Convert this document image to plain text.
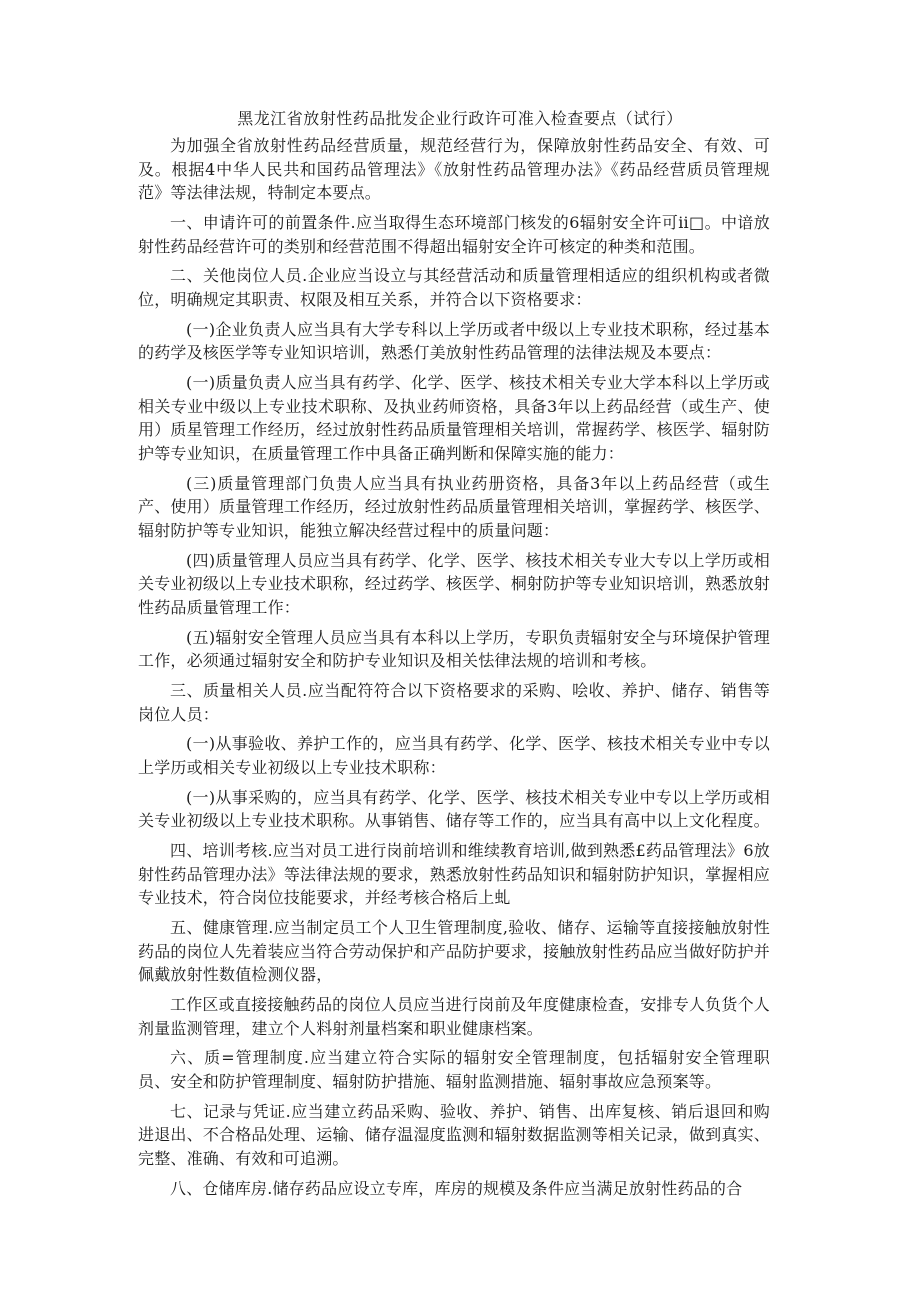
黑龙江省放射性药品批发企业行政许可准入检查要点（试行）

为加强全省放射性药品经营质量，规范经营行为，保障放射性药品安全、有效、可及。根据4中华人民共和国药品管理法》《放射性药品管理办法》《药品经营质员管理规范》等法律法规，特制定本要点。

一、申请许可的前置条件.应当取得生态环境部门核发的6辐射安全许可ii□。中谙放射性药品经营许可的类别和经营范围不得超出辐射安全许可核定的种类和范围。

二、关他岗位人员.企业应当设立与其经营活动和质量管理相适应的组织机构或者微位，明确规定其职责、权限及相互关系，并符合以下资格要求：

(一)企业负责人应当具有大学专科以上学历或者中级以上专业技术职称，经过基本的药学及核医学等专业知识培训，熟悉仃美放射性药品管理的法律法规及本要点：

(一)质量负责人应当具有药学、化学、医学、核技术相关专业大学本科以上学历或相关专业中级以上专业技术职称、及执业药师资格，具备3年以上药品经营（或生产、使用）质星管理工作经历，经过放射性药品质量管理相关培训，常握药学、核医学、辐射防护等专业知识，在质量管理工作中具备正确判断和保障实施的能力：

(三)质量管理部门负贵人应当具有执业药册资格，具备3年以上药品经营（或生产、使用）质量管理工作经历，经过放射性药品质量管理相关培训，掌握药学、核医学、辐射防护等专业知识，能独立解决经营过程中的质量问题：

(四)质量管理人员应当具有药学、化学、医学、核技术相关专业大专以上学历或相关专业初级以上专业技术职称，经过药学、核医学、桐射防护等专业知识培训，熟悉放射性药品质量管理工作：

(五)辐射安全管理人员应当具有本科以上学历，专职负责辐射安全与环境保护管理工作，必须通过辐射安全和防护专业知识及相关怯律法规的培训和考核。

三、质量相关人员.应当配符符合以下资格要求的采购、哙收、养护、储存、销售等岗位人员：

(一)从事验收、养护工作的，应当具有药学、化学、医学、核技术相关专业中专以上学历或相关专业初级以上专业技术职称：

(一)从事采购的，应当具有药学、化学、医学、核技术相关专业中专以上学历或相关专业初级以上专业技术职称。从事销售、储存等工作的，应当具有高中以上文化程度。

四、培训考核.应当对员工进行岗前培训和维续教育培训,做到熟悉£药品管理法》6放射性药品管理办法》等法律法规的要求，熟悉放射性药品知识和辐射防护知识，掌握相应专业技术，符合岗位技能要求，并经考核合格后上虬

五、健康管理.应当制定员工个人卫生管理制度,验收、储存、运输等直接接触放射性药品的岗位人先着装应当符合劳动保护和产品防护要求，接触放射性药品应当做好防护并佩戴放射性数值检测仪器，

工作区或直接接触药品的岗位人员应当进行岗前及年度健康检查，安排专人负货个人剂量监测管理，建立个人料射剂量档案和职业健康档案。

六、质=管理制度.应当建立符合实际的辐射安全管理制度，包括辐射安全管理职员、安全和防护管理制度、辐射防护措施、辐射监测措施、辐射事故应急预案等。

七、记录与凭证.应当建立药品采购、验收、养护、销售、出库复核、销后退回和购进退出、不合格品处理、运输、储存温湿度监测和辐射数据监测等相关记录，做到真实、完整、准确、有效和可追溯。

八、仓储库房.储存药品应设立专库，库房的规模及条件应当满足放射性药品的合
